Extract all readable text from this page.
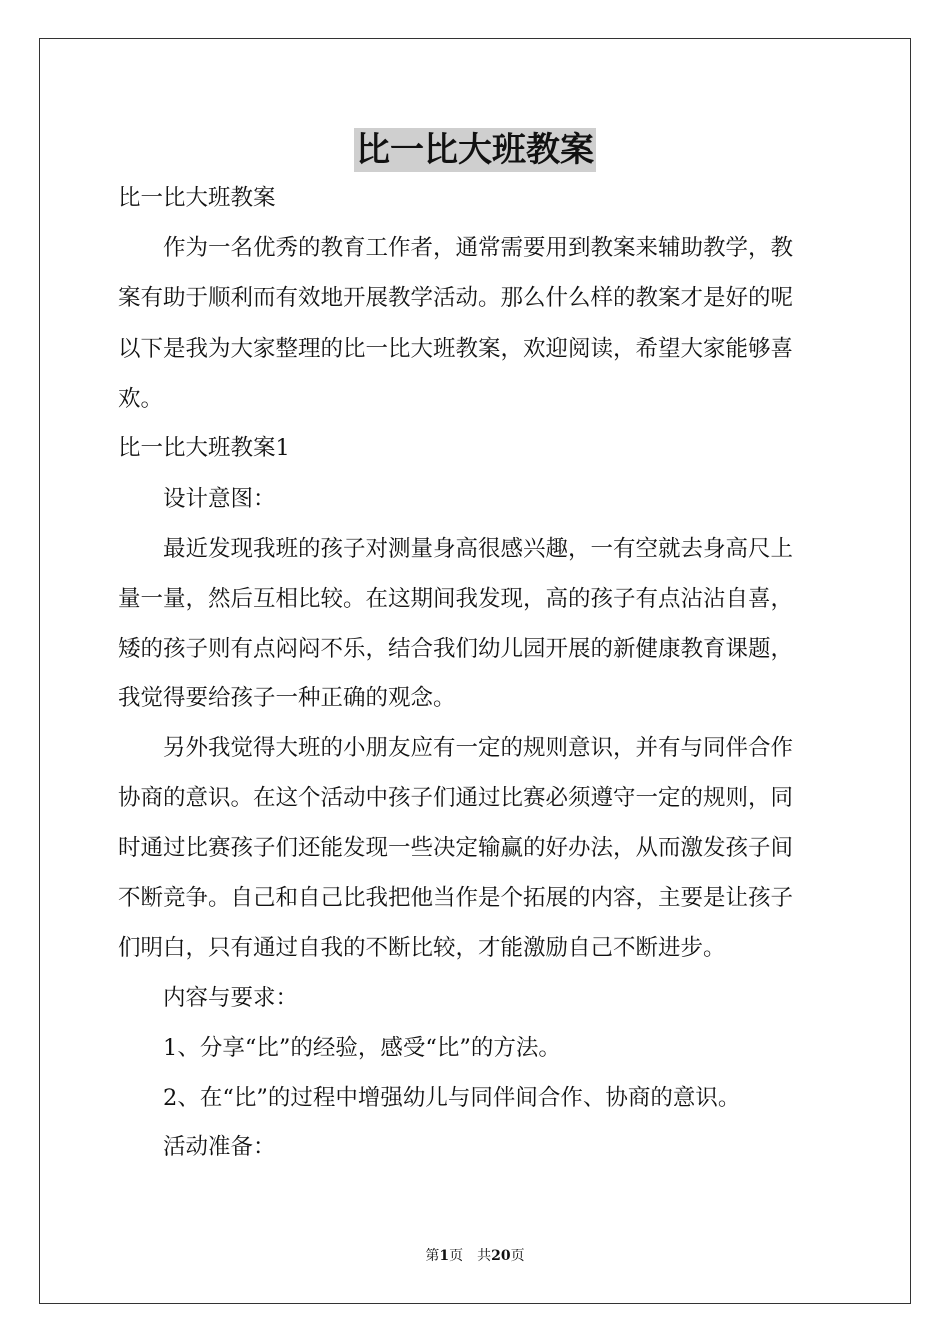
比一比大班教案
比一比大班教案
　　作为一名优秀的教育工作者，通常需要用到教案来辅助教学，教
案有助于顺利而有效地开展教学活动。那么什么样的教案才是好的呢
以下是我为大家整理的比一比大班教案，欢迎阅读，希望大家能够喜
欢。
比一比大班教案1
　　设计意图：
　　最近发现我班的孩子对测量身高很感兴趣，一有空就去身高尺上
量一量，然后互相比较。在这期间我发现，高的孩子有点沾沾自喜，
矮的孩子则有点闷闷不乐，结合我们幼儿园开展的新健康教育课题，
我觉得要给孩子一种正确的观念。
　　另外我觉得大班的小朋友应有一定的规则意识，并有与同伴合作
协商的意识。在这个活动中孩子们通过比赛必须遵守一定的规则，同
时通过比赛孩子们还能发现一些决定输赢的好办法，从而激发孩子间
不断竞争。自己和自己比我把他当作是个拓展的内容，主要是让孩子
们明白，只有通过自我的不断比较，才能激励自己不断进步。
　　内容与要求：
　　1、分享“比”的经验，感受“比”的方法。
　　2、在“比”的过程中增强幼儿与同伴间合作、协商的意识。
　　活动准备：
第1页　共20页
